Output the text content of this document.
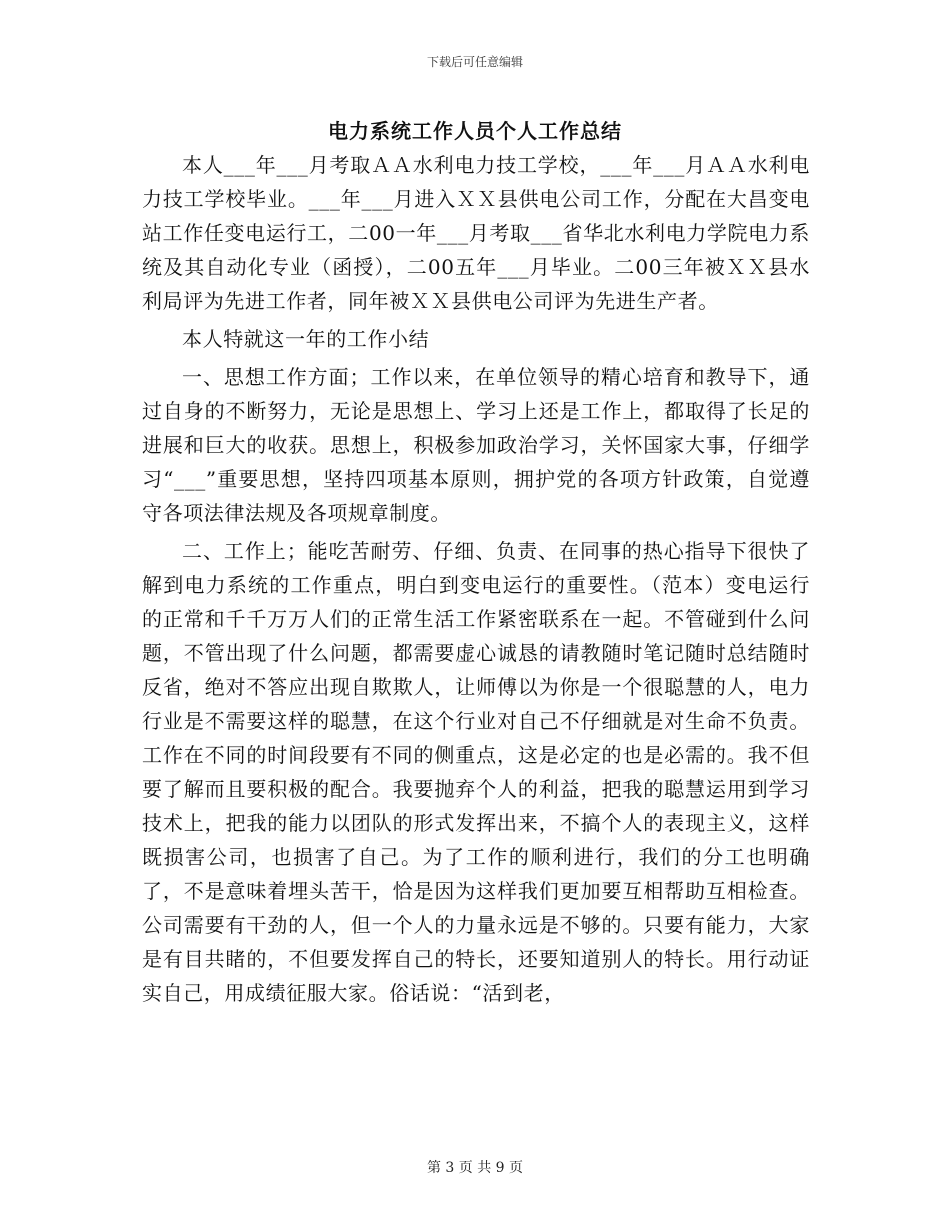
下载后可任意编辑
电力系统工作人员个人工作总结

本人___年___月考取ＡＡ水利电力技工学校，___年___月ＡＡ水利电力技工学校毕业。___年___月进入ＸＸ县供电公司工作，分配在大昌变电站工作任变电运行工，二00一年___月考取___省华北水利电力学院电力系统及其自动化专业（函授），二00五年___月毕业。二00三年被ＸＸ县水利局评为先进工作者，同年被ＸＸ县供电公司评为先进生产者。

本人特就这一年的工作小结

一、思想工作方面；工作以来，在单位领导的精心培育和教导下，通过自身的不断努力，无论是思想上、学习上还是工作上，都取得了长足的进展和巨大的收获。思想上，积极参加政治学习，关怀国家大事，仔细学习“___”重要思想，坚持四项基本原则，拥护党的各项方针政策，自觉遵守各项法律法规及各项规章制度。

二、工作上；能吃苦耐劳、仔细、负责、在同事的热心指导下很快了解到电力系统的工作重点，明白到变电运行的重要性。（范本）变电运行的正常和千千万万人们的正常生活工作紧密联系在一起。不管碰到什么问题，不管出现了什么问题，都需要虚心诚恳的请教随时笔记随时总结随时反省，绝对不答应出现自欺欺人，让师傅以为你是一个很聪慧的人，电力行业是不需要这样的聪慧，在这个行业对自己不仔细就是对生命不负责。工作在不同的时间段要有不同的侧重点，这是必定的也是必需的。我不但要了解而且要积极的配合。我要抛弃个人的利益，把我的聪慧运用到学习技术上，把我的能力以团队的形式发挥出来，不搞个人的表现主义，这样既损害公司，也损害了自己。为了工作的顺利进行，我们的分工也明确了，不是意味着埋头苦干，恰是因为这样我们更加要互相帮助互相检查。公司需要有干劲的人，但一个人的力量永远是不够的。只要有能力，大家是有目共睹的，不但要发挥自己的特长，还要知道别人的特长。用行动证实自己，用成绩征服大家。俗话说：“活到老，

第 3 页 共 9 页
